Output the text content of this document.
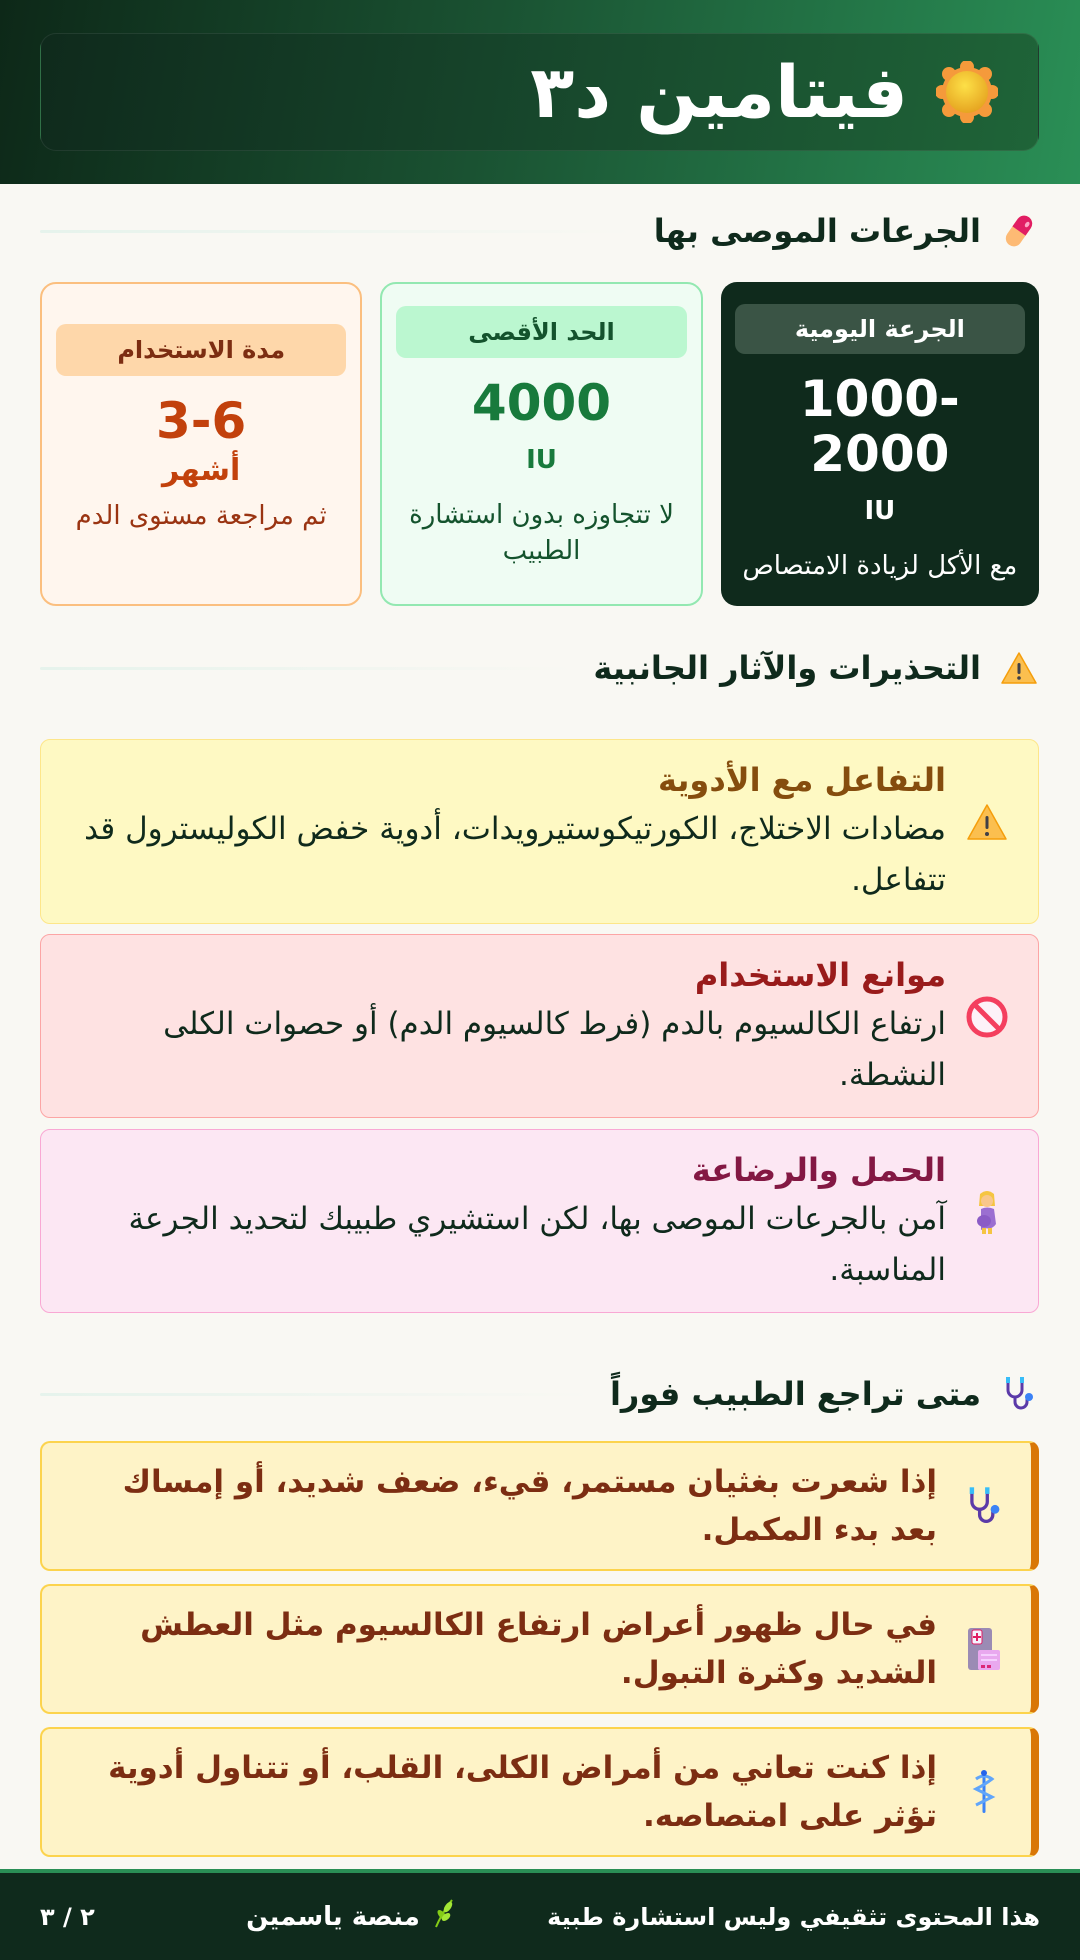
فيتامين د٣
الجرعات الموصى بها
الجرعة اليومية
1000-2000
IU
مع الأكل لزيادة الامتصاص
الحد الأقصى
4000
IU
لا تتجاوزه بدون استشارة الطبيب
مدة الاستخدام
3-6
أشهر
ثم مراجعة مستوى الدم
التحذيرات والآثار الجانبية
التفاعل مع الأدوية
مضادات الاختلاج، الكورتيكوستيرويدات، أدوية خفض الكوليسترول قد تتفاعل.
موانع الاستخدام
ارتفاع الكالسيوم بالدم (فرط كالسيوم الدم) أو حصوات الكلى النشطة.
الحمل والرضاعة
آمن بالجرعات الموصى بها، لكن استشيري طبيبك لتحديد الجرعة المناسبة.
متى تراجع الطبيب فوراً
إذا شعرت بغثيان مستمر، قيء، ضعف شديد، أو إمساك بعد بدء المكمل.
في حال ظهور أعراض ارتفاع الكالسيوم مثل العطش الشديد وكثرة التبول.
إذا كنت تعاني من أمراض الكلى، القلب، أو تتناول أدوية تؤثر على امتصاصه.
هذا المحتوى تثقيفي وليس استشارة طبية
منصة ياسمين
٢ / ٣
